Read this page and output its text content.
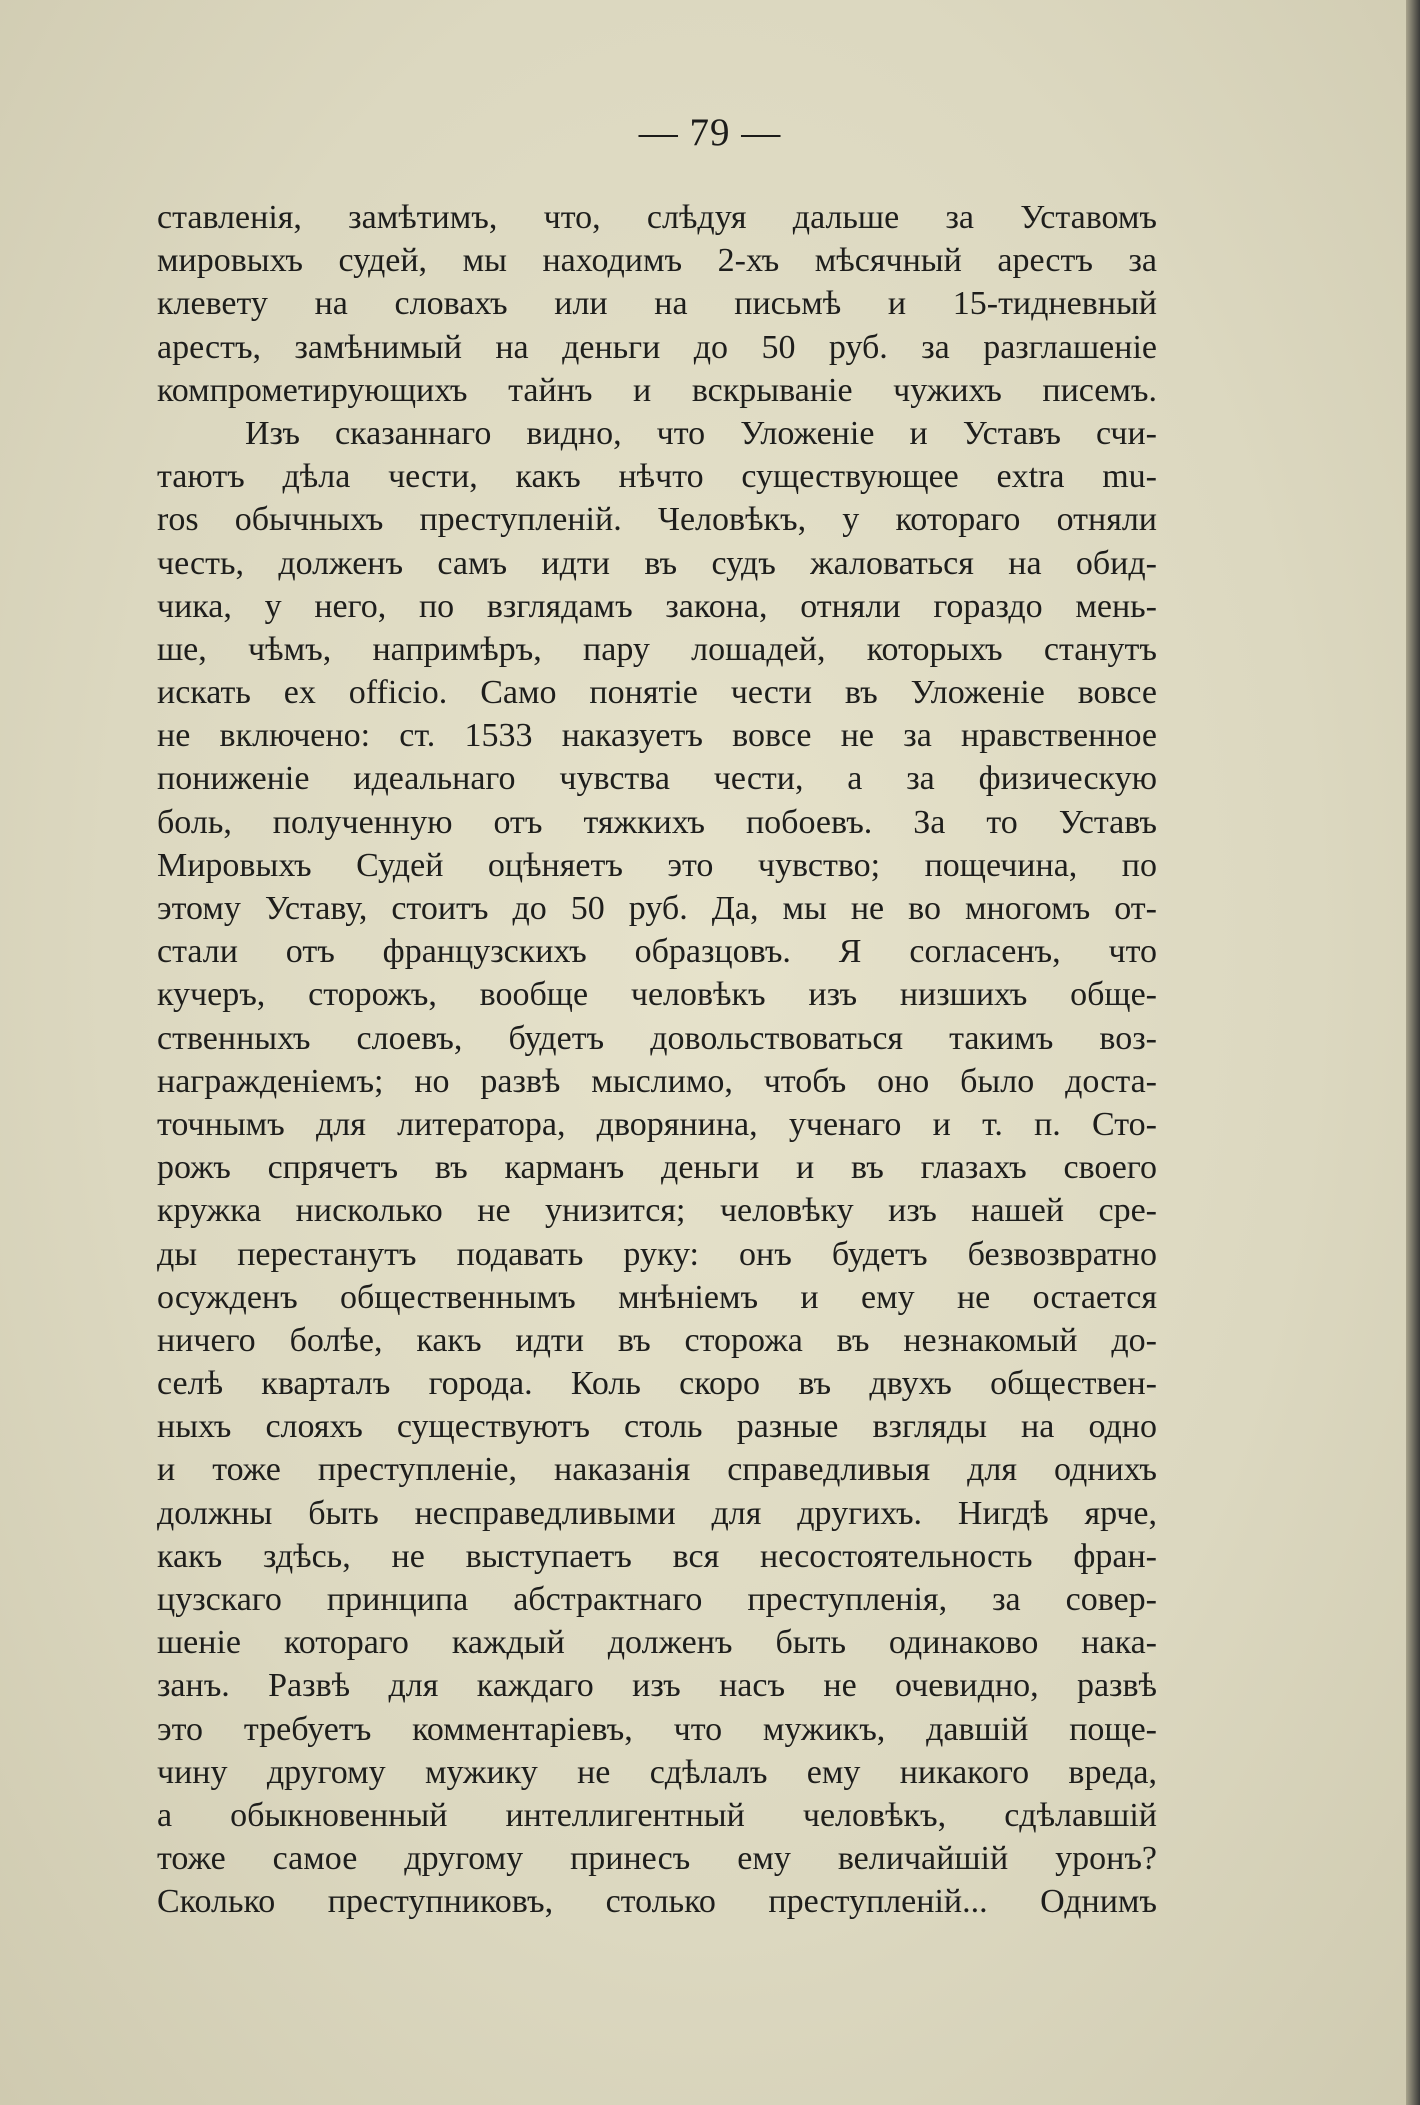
— 79 —
ставленія, замѣтимъ, что, слѣдуя дальше за Уставомъ
мировыхъ судей, мы находимъ 2-хъ мѣсячный арестъ за
клевету на словахъ или на письмѣ и 15-тидневный
арестъ, замѣнимый на деньги до 50 руб. за разглашеніе
компрометирующихъ тайнъ и вскрываніе чужихъ писемъ.
Изъ сказаннаго видно, что Уложеніе и Уставъ счи-
таютъ дѣла чести, какъ нѣчто существующее extra mu-
ros обычныхъ преступленій. Человѣкъ, у котораго отняли
честь, долженъ самъ идти въ судъ жаловаться на обид-
чика, у него, по взглядамъ закона, отняли гораздо мень-
ше, чѣмъ, напримѣръ, пару лошадей, которыхъ станутъ
искать ex officio. Само понятіе чести въ Уложеніе вовсе
не включено: ст. 1533 наказуетъ вовсе не за нравственное
пониженіе идеальнаго чувства чести, а за физическую
боль, полученную отъ тяжкихъ побоевъ. За то Уставъ
Мировыхъ Судей оцѣняетъ это чувство; пощечина, по
этому Уставу, стоитъ до 50 руб. Да, мы не во многомъ от-
стали отъ французскихъ образцовъ. Я согласенъ, что
кучеръ, сторожъ, вообще человѣкъ изъ низшихъ обще-
ственныхъ слоевъ, будетъ довольствоваться такимъ воз-
награжденіемъ; но развѣ мыслимо, чтобъ оно было доста-
точнымъ для литератора, дворянина, ученаго и т. п. Сто-
рожъ спрячетъ въ карманъ деньги и въ глазахъ своего
кружка нисколько не унизится; человѣку изъ нашей сре-
ды перестанутъ подавать руку: онъ будетъ безвозвратно
осужденъ общественнымъ мнѣніемъ и ему не остается
ничего болѣе, какъ идти въ сторожа въ незнакомый до-
селѣ кварталъ города. Коль скоро въ двухъ обществен-
ныхъ слояхъ существуютъ столь разные взгляды на одно
и тоже преступленіе, наказанія справедливыя для однихъ
должны быть несправедливыми для другихъ. Нигдѣ ярче,
какъ здѣсь, не выступаетъ вся несостоятельность фран-
цузскаго принципа абстрактнаго преступленія, за совер-
шеніе котораго каждый долженъ быть одинаково нака-
занъ. Развѣ для каждаго изъ насъ не очевидно, развѣ
это требуетъ комментаріевъ, что мужикъ, давшій поще-
чину другому мужику не сдѣлалъ ему никакого вреда,
а обыкновенный интеллигентный человѣкъ, сдѣлавшій
тоже самое другому принесъ ему величайшій уронъ?
Сколько преступниковъ, столько преступленій... Однимъ
